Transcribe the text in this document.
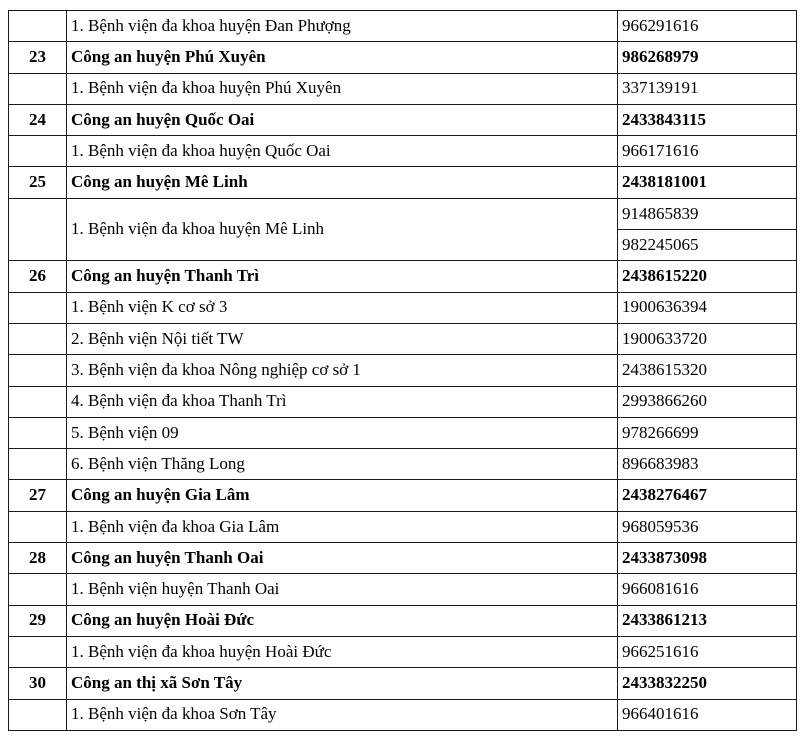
	1. Bệnh viện đa khoa huyện Đan Phượng	966291616
23	Công an huyện Phú Xuyên	986268979
	1. Bệnh viện đa khoa huyện Phú Xuyên	337139191
24	Công an huyện Quốc Oai	2433843115
	1. Bệnh viện đa khoa huyện Quốc Oai	966171616
25	Công an huyện Mê Linh	2438181001
	1. Bệnh viện đa khoa huyện Mê Linh	914865839
		982245065
26	Công an huyện Thanh Trì	2438615220
	1. Bệnh viện K cơ sở 3	1900636394
	2. Bệnh viện Nội tiết TW	1900633720
	3. Bệnh viện đa khoa Nông nghiệp cơ sở 1	2438615320
	4. Bệnh viện đa khoa Thanh Trì	2993866260
	5. Bệnh viện 09	978266699
	6. Bệnh viện Thăng Long	896683983
27	Công an huyện Gia Lâm	2438276467
	1. Bệnh viện đa khoa Gia Lâm	968059536
28	Công an huyện Thanh Oai	2433873098
	1. Bệnh viện huyện Thanh Oai	966081616
29	Công an huyện Hoài Đức	2433861213
	1. Bệnh viện đa khoa huyện Hoài Đức	966251616
30	Công an thị xã Sơn Tây	2433832250
	1. Bệnh viện đa khoa Sơn Tây	966401616
